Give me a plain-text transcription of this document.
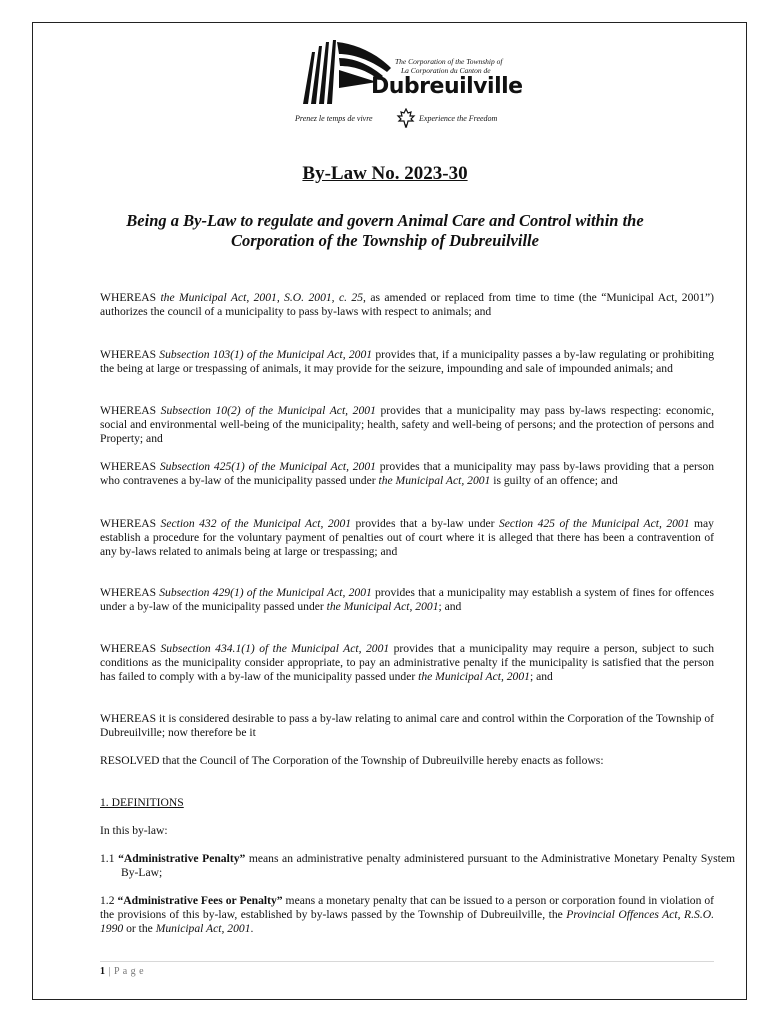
The Corporation of the Township of
La Corporation du Canton de
Dubreuilville
Prenez le temps de vivre	Experience the Freedom
By-Law No. 2023-30
Being a By-Law to regulate and govern Animal Care and Control within the Corporation of the Township of Dubreuilville
WHEREAS the Municipal Act, 2001, S.O. 2001, c. 25, as amended or replaced from time to time (the “Municipal Act, 2001”) authorizes the council of a municipality to pass by-laws with respect to animals; and
WHEREAS Subsection 103(1) of the Municipal Act, 2001 provides that, if a municipality passes a by-law regulating or prohibiting the being at large or trespassing of animals, it may provide for the seizure, impounding and sale of impounded animals; and
WHEREAS Subsection 10(2) of the Municipal Act, 2001 provides that a municipality may pass by-laws respecting: economic, social and environmental well-being of the municipality; health, safety and well-being of persons; and the protection of persons and Property; and
WHEREAS Subsection 425(1) of the Municipal Act, 2001 provides that a municipality may pass by-laws providing that a person who contravenes a by-law of the municipality passed under the Municipal Act, 2001 is guilty of an offence; and
WHEREAS Section 432 of the Municipal Act, 2001 provides that a by-law under Section 425 of the Municipal Act, 2001 may establish a procedure for the voluntary payment of penalties out of court where it is alleged that there has been a contravention of any by-laws related to animals being at large or trespassing; and
WHEREAS Subsection 429(1) of the Municipal Act, 2001 provides that a municipality may establish a system of fines for offences under a by-law of the municipality passed under the Municipal Act, 2001; and
WHEREAS Subsection 434.1(1) of the Municipal Act, 2001 provides that a municipality may require a person, subject to such conditions as the municipality consider appropriate, to pay an administrative penalty if the municipality is satisfied that the person has failed to comply with a by-law of the municipality passed under the Municipal Act, 2001; and
WHEREAS it is considered desirable to pass a by-law relating to animal care and control within the Corporation of the Township of Dubreuilville; now therefore be it
RESOLVED that the Council of The Corporation of the Township of Dubreuilville hereby enacts as follows:
1. DEFINITIONS
In this by-law:
1.1 “Administrative Penalty” means an administrative penalty administered pursuant to the Administrative Monetary Penalty System By-Law;
1.2 “Administrative Fees or Penalty” means a monetary penalty that can be issued to a person or corporation found in violation of the provisions of this by-law, established by by-laws passed by the Township of Dubreuilville, the Provincial Offences Act, R.S.O. 1990 or the Municipal Act, 2001.
1 | P a g e
